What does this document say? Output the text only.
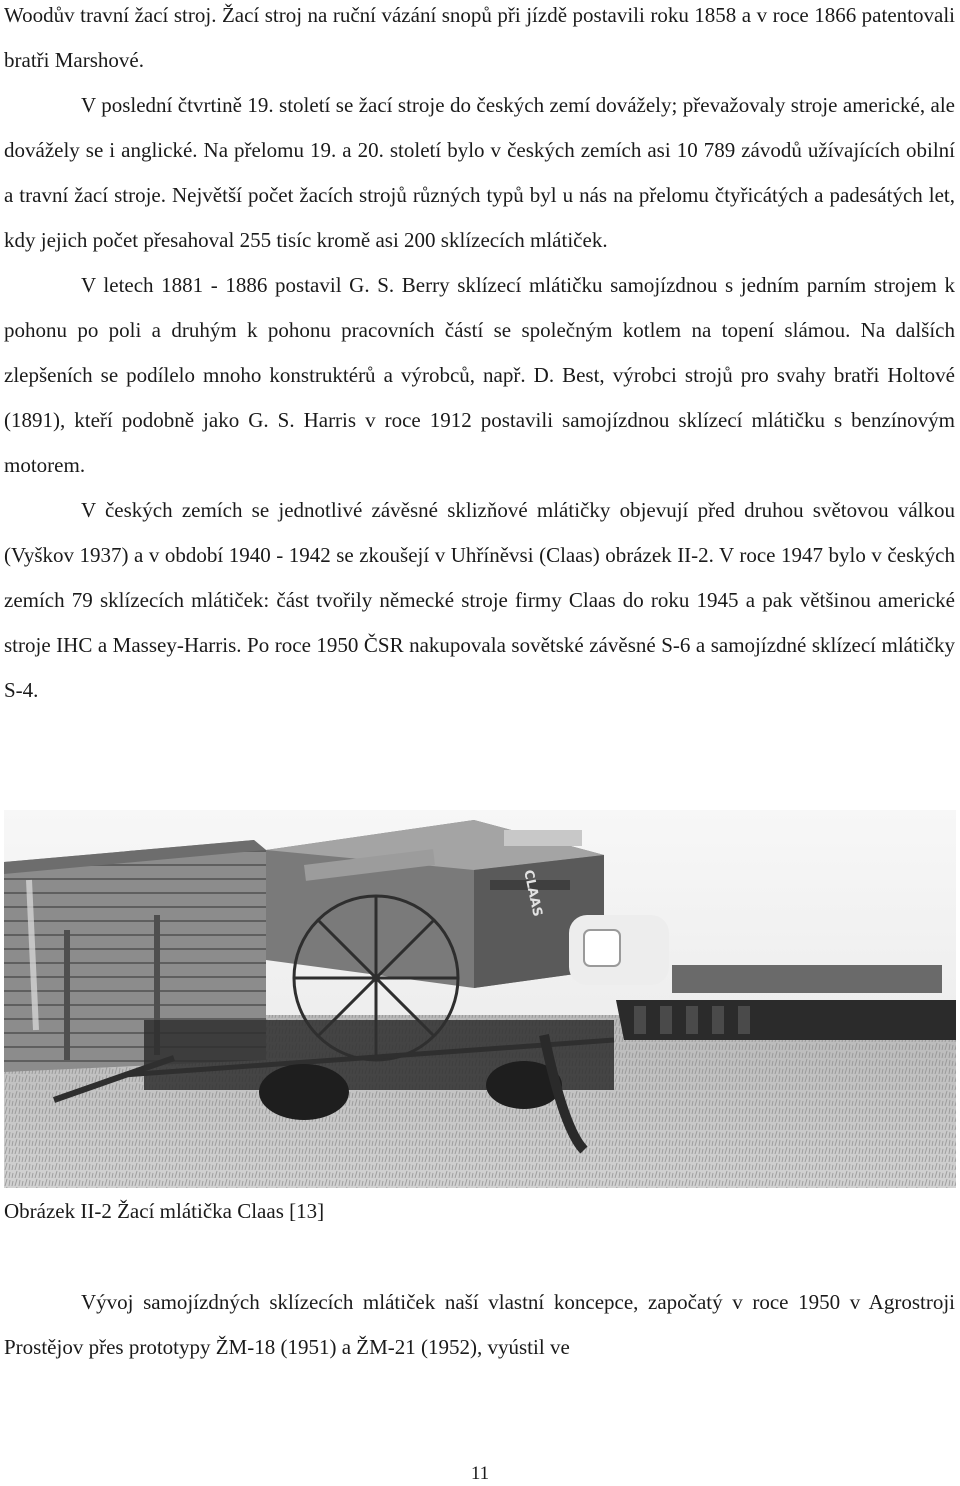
Woodův travní žací stroj. Žací stroj na ruční vázání snopů při jízdě postavili roku 1858 a v roce 1866 patentovali bratři Marshové.

V poslední čtvrtině 19. století se žací stroje do českých zemí dovážely; převažovaly stroje americké, ale dovážely se i anglické. Na přelomu 19. a 20. století bylo v českých zemích asi 10 789 závodů užívajících obilní a travní žací stroje. Největší počet žacích strojů různých typů byl u nás na přelomu čtyřicátých a padesátých let, kdy jejich počet přesahoval 255 tisíc kromě asi 200 sklízecích mlátiček.

V letech 1881 - 1886 postavil G. S. Berry sklízecí mlátičku samojízdnou s jedním parním strojem k pohonu po poli a druhým k pohonu pracovních částí se společným kotlem na topení slámou. Na dalších zlepšeních se podílelo mnoho konstruktérů a výrobců, např. D. Best, výrobci strojů pro svahy bratři Holtové (1891), kteří podobně jako G. S. Harris v roce 1912 postavili samojízdnou sklízecí mlátičku s benzínovým motorem.

V českých zemích se jednotlivé závěsné sklizňové mlátičky objevují před druhou světovou válkou (Vyškov 1937) a v období 1940 - 1942 se zkoušejí v Uhříněvsi (Claas) obrázek II-2. V roce 1947 bylo v českých zemích 79 sklízecích mlátiček: část tvořily německé stroje firmy Claas do roku 1945 a pak většinou americké stroje IHC a Massey-Harris. Po roce 1950 ČSR nakupovala sovětské závěsné S-6 a samojízdné sklízecí mlátičky S-4.

CLAAS
Obrázek II-2 Žací mlátička Claas [13]

Vývoj samojízdných sklízecích mlátiček naší vlastní koncepce, započatý v roce 1950 v Agrostroji Prostějov přes prototypy ŽM-18 (1951) a ŽM-21 (1952), vyústil ve

11
